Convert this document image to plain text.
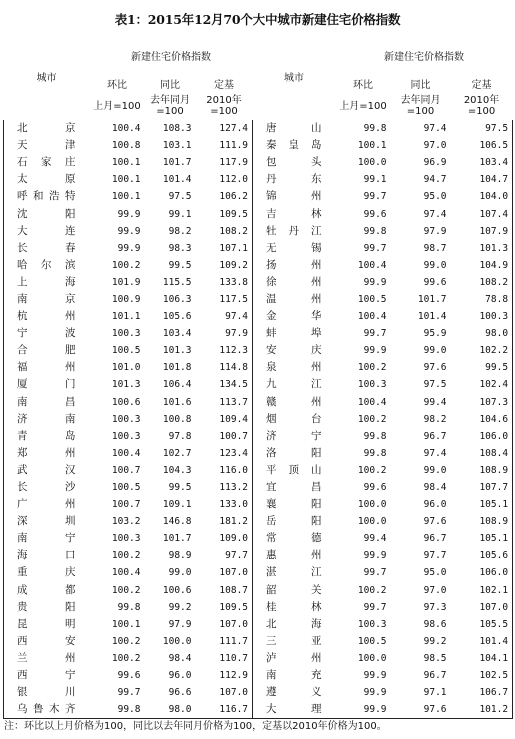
表1：2015年12月70个大中城市新建住宅价格指数
城市	新建住宅价格指数			城市	新建住宅价格指数		
	环比	同比	定基		环比	同比	定基
	上月=100	去年同月=100	2010年=100		上月=100	去年同月=100	2010年=100
北京	100.4	108.3	127.4	唐山	99.8	97.4	97.5
天津	100.8	103.1	111.9	秦皇岛	100.1	97.0	106.5
石家庄	100.1	101.7	117.9	包头	100.0	96.9	103.4
太原	100.1	101.4	112.0	丹东	99.1	94.7	104.7
呼和浩特	100.1	97.5	106.2	锦州	99.7	95.0	104.0
沈阳	99.9	99.1	109.5	吉林	99.6	97.4	107.4
大连	99.9	98.2	108.2	牡丹江	99.8	97.9	107.9
长春	99.9	98.3	107.1	无锡	99.7	98.7	101.3
哈尔滨	100.2	99.5	109.2	扬州	100.4	99.0	104.9
上海	101.9	115.5	133.8	徐州	99.9	99.6	108.2
南京	100.9	106.3	117.5	温州	100.5	101.7	78.8
杭州	101.1	105.6	97.4	金华	100.4	101.4	100.3
宁波	100.3	103.4	97.9	蚌埠	99.7	95.9	98.0
合肥	100.5	101.3	112.3	安庆	99.9	99.0	102.2
福州	101.0	101.8	114.8	泉州	100.2	97.6	99.5
厦门	101.3	106.4	134.5	九江	100.3	97.5	102.4
南昌	100.6	101.6	113.7	赣州	100.4	99.4	107.3
济南	100.3	100.8	109.4	烟台	100.2	98.2	104.6
青岛	100.3	97.8	100.7	济宁	99.8	96.7	106.0
郑州	100.4	102.7	123.4	洛阳	99.8	97.4	108.4
武汉	100.7	104.3	116.0	平顶山	100.2	99.0	108.9
长沙	100.5	99.5	113.2	宜昌	99.6	98.4	107.7
广州	100.7	109.1	133.0	襄阳	100.0	96.0	105.1
深圳	103.2	146.8	181.2	岳阳	100.0	97.6	108.9
南宁	100.3	101.7	109.0	常德	99.4	96.7	105.1
海口	100.2	98.9	97.7	惠州	99.9	97.7	105.6
重庆	100.4	99.0	107.0	湛江	99.7	95.0	106.0
成都	100.2	100.6	108.7	韶关	100.2	97.0	102.1
贵阳	99.8	99.2	109.5	桂林	99.7	97.3	107.0
昆明	100.1	97.9	107.0	北海	100.3	98.6	105.5
西安	100.2	100.0	111.7	三亚	100.5	99.2	101.4
兰州	100.2	98.4	110.7	泸州	100.0	98.5	104.1
西宁	99.6	96.0	112.9	南充	99.9	96.7	102.5
银川	99.7	96.6	107.0	遵义	99.9	97.1	106.7
乌鲁木齐	99.8	98.0	116.7	大理	99.9	97.6	101.2
注：环比以上月价格为100，同比以去年同月价格为100，定基以2010年价格为100。
